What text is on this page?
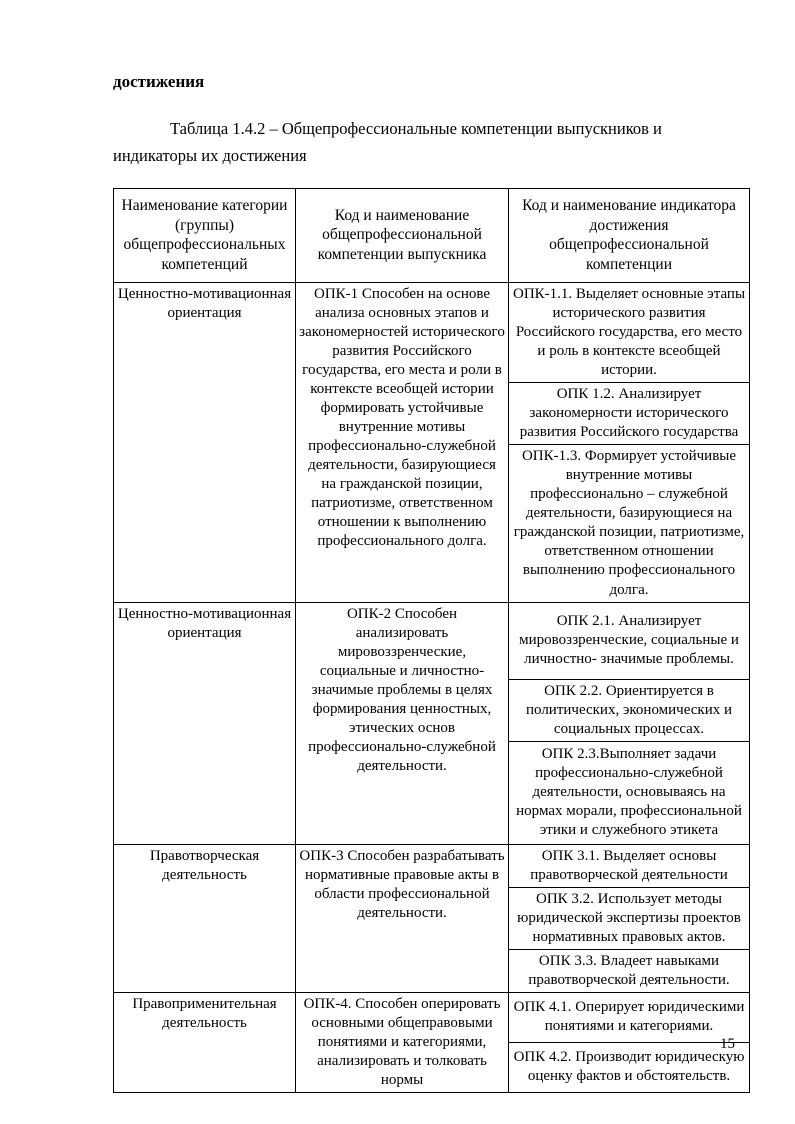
достижения

Таблица 1.4.2 – Общепрофессиональные компетенции выпускников и индикаторы их достижения

Наименование категории (группы) общепрофессиональных компетенций	Код и наименование общепрофессиональной компетенции выпускника	Код и наименование индикатора достижения общепрофессиональной компетенции
Ценностно-мотивационная ориентация	ОПК-1 Способен на основе анализа основных этапов и закономерностей исторического развития Российского государства, его места и роли в контексте всеобщей истории формировать устойчивые внутренние мотивы профессионально-служебной деятельности, базирующиеся на гражданской позиции, патриотизме, ответственном отношении к выполнению профессионального долга.	ОПК-1.1. Выделяет основные этапы исторического развития Российского государства, его место и роль в контексте всеобщей истории.
		ОПК 1.2. Анализирует закономерности исторического развития Российского государства
		ОПК-1.3. Формирует устойчивые внутренние мотивы профессионально – служебной деятельности, базирующиеся на гражданской позиции, патриотизме, ответственном отношении выполнению профессионального долга.
Ценностно-мотивационная ориентация	ОПК-2 Способен анализировать мировоззренческие, социальные и личностно-значимые проблемы в целях формирования ценностных, этических основ профессионально-служебной деятельности.	ОПК 2.1. Анализирует мировоззренческие, социальные и личностно- значимые проблемы.
		ОПК 2.2. Ориентируется в политических, экономических и социальных процессах.
		ОПК 2.3.Выполняет задачи профессионально-служебной деятельности, основываясь на нормах морали, профессиональной этики и служебного этикета
Правотворческая деятельность	ОПК-3 Способен разрабатывать нормативные правовые акты в области профессиональной деятельности.	ОПК 3.1. Выделяет основы правотворческой деятельности
		ОПК 3.2. Использует методы юридической экспертизы проектов нормативных правовых актов.
		ОПК 3.3. Владеет навыками правотворческой деятельности.
Правоприменительная деятельность	ОПК-4. Способен оперировать основными общеправовыми понятиями и категориями, анализировать и толковать нормы	ОПК 4.1. Оперирует юридическими понятиями и категориями.
		ОПК 4.2. Производит юридическую оценку фактов и обстоятельств.
15
